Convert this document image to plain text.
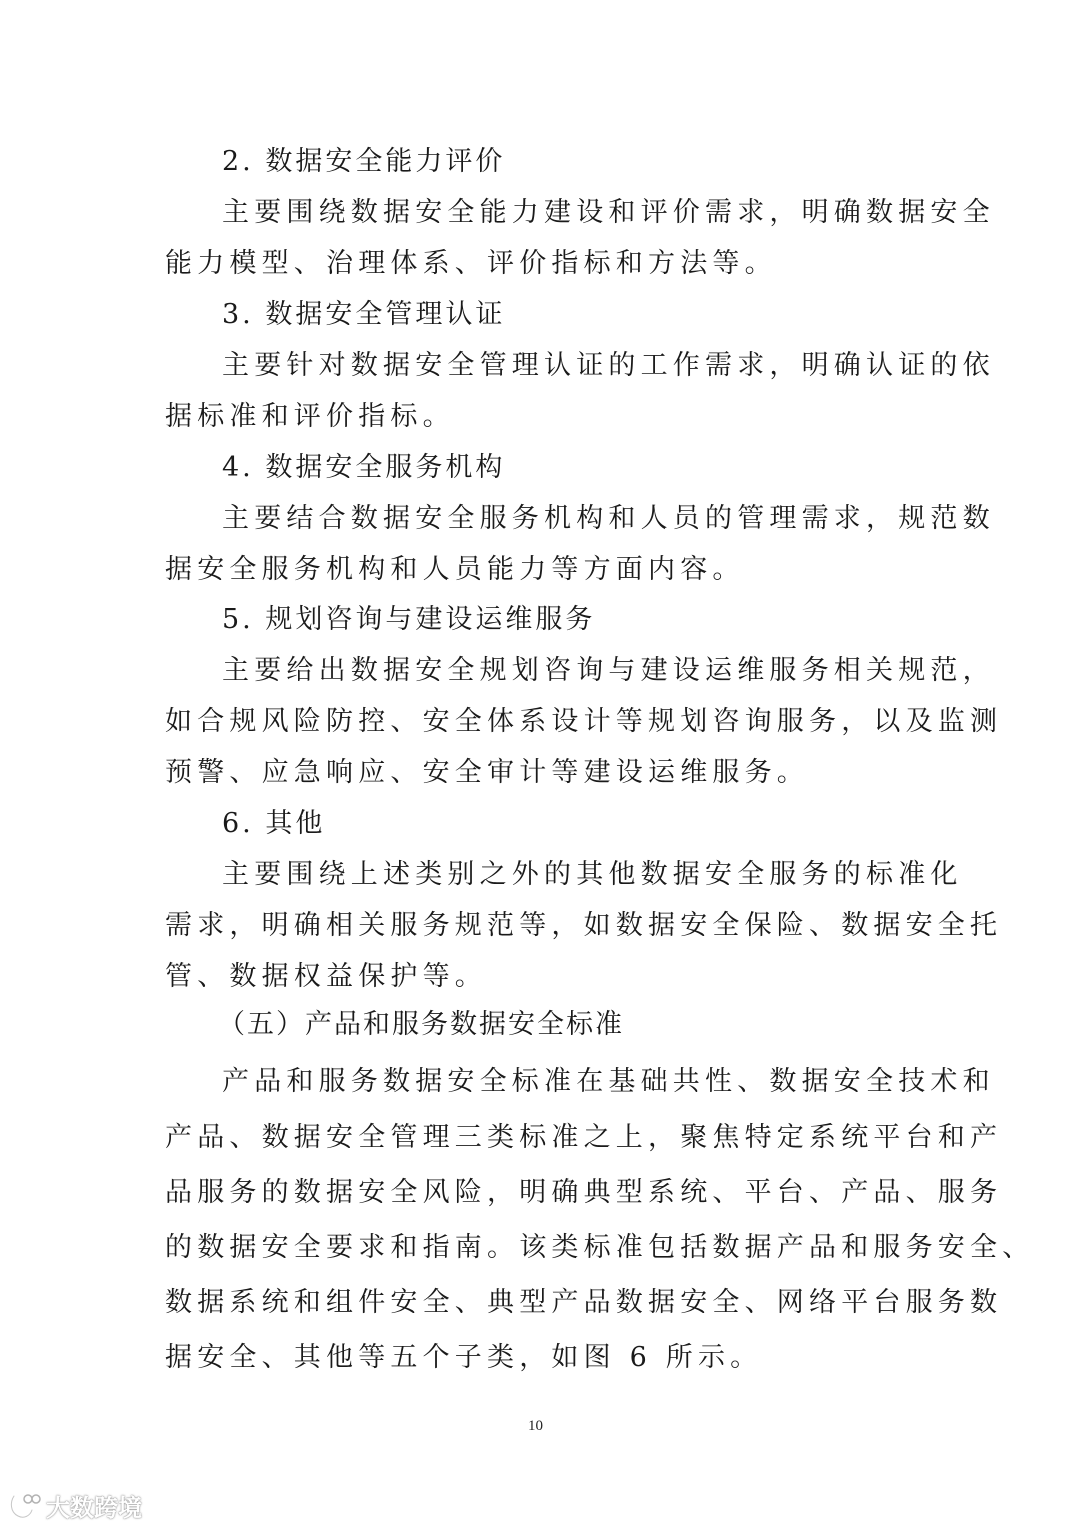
2. 数据安全能力评价
主要围绕数据安全能力建设和评价需求，明确数据安全
能力模型、治理体系、评价指标和方法等。
3. 数据安全管理认证
主要针对数据安全管理认证的工作需求，明确认证的依
据标准和评价指标。
4. 数据安全服务机构
主要结合数据安全服务机构和人员的管理需求，规范数
据安全服务机构和人员能力等方面内容。
5. 规划咨询与建设运维服务
主要给出数据安全规划咨询与建设运维服务相关规范，
如合规风险防控、安全体系设计等规划咨询服务，以及监测
预警、应急响应、安全审计等建设运维服务。
6. 其他
主要围绕上述类别之外的其他数据安全服务的标准化
需求，明确相关服务规范等，如数据安全保险、数据安全托
管、数据权益保护等。
（五）产品和服务数据安全标准
产品和服务数据安全标准在基础共性、数据安全技术和
产品、数据安全管理三类标准之上，聚焦特定系统平台和产
品服务的数据安全风险，明确典型系统、平台、产品、服务
的数据安全要求和指南。该类标准包括数据产品和服务安全、
数据系统和组件安全、典型产品数据安全、网络平台服务数
据安全、其他等五个子类，如图 6 所示。
10
大数跨境
